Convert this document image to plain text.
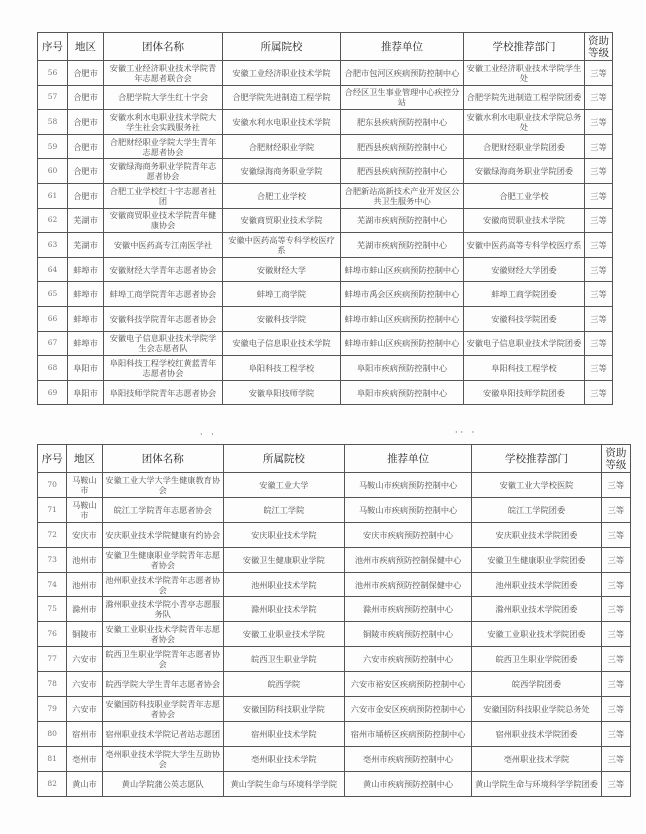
序号	地区	团体名称	所属院校	推荐单位	学校推荐部门	资助等级
56	合肥市	安徽工业经济职业技术学院青年志愿者联合会	安徽工业经济职业技术学院	合肥市包河区疾病预防控制中心	安徽工业经济职业技术学院学生处	三等
57	合肥市	合肥学院大学生红十字会	合肥学院先进制造工程学院	合经区卫生事业管理中心疾控分站	合肥学院先进制造工程学院团委	三等
58	合肥市	安徽水利水电职业技术学院大学生社会实践服务社	安徽水利水电职业技术学院	肥东县疾病预防控制中心	安徽水利水电职业技术学院总务处	三等
59	合肥市	合肥财经职业学院大学生青年志愿者协会	合肥财经职业学院	肥西县疾病预防控制中心	合肥财经职业学院团委	三等
60	合肥市	安徽绿海商务职业学院青年志愿者协会	安徽绿海商务职业学院	肥西县疾病预防控制中心	安徽绿海商务职业学院团委	三等
61	合肥市	合肥工业学校红十字志愿者社团	合肥工业学校	合肥新站高新技术产业开发区公共卫生服务中心	合肥工业学校	三等
62	芜湖市	安徽商贸职业技术学院青年健康协会	安徽商贸职业技术学院	芜湖市疾病预防控制中心	安徽商贸职业技术学院	三等
63	芜湖市	安徽中医药高专江南医学社	安徽中医药高等专科学校医疗系	芜湖市疾病预防控制中心	安徽中医药高等专科学校医疗系	三等
64	蚌埠市	安徽财经大学青年志愿者协会	安徽财经大学	蚌埠市蚌山区疾病预防控制中心	安徽财经大学团委	三等
65	蚌埠市	蚌埠工商学院青年志愿者协会	蚌埠工商学院	蚌埠市禹会区疾病预防控制中心	蚌埠工商学院团委	三等
66	蚌埠市	安徽科技学院青年志愿者协会	安徽科技学院	蚌埠市蚌山区疾病预防控制中心	安徽科技学院团委	三等
67	蚌埠市	安徽电子信息职业技术学院学生会志愿者队	安徽电子信息职业技术学院	蚌埠市蚌山区疾病预防控制中心	安徽电子信息职业技术学院团委	三等
68	阜阳市	阜阳科技工程学校红黄蓝青年志愿者协会	阜阳科技工程学校	阜阳市疾病预防控制中心	阜阳科技工程学校	三等
69	阜阳市	阜阳技师学院青年志愿者协会	安徽阜阳技师学院	阜阳市疾病预防控制中心	安徽阜阳技师学院团委	三等
· ·	·· ·
序号	地区	团体名称	所属院校	推荐单位	学校推荐部门	资助等级
70	马鞍山市	安徽工业大学大学生健康教育协会	安徽工业大学	马鞍山市疾病预防控制中心	安徽工业大学校医院	三等
71	马鞍山市	皖江工学院青年志愿者协会	皖江工学院	马鞍山市疾病预防控制中心	皖江工学院团委	三等
72	安庆市	安庆职业技术学院健康有约协会	安庆职业技术学院	安庆市疾病预防控制中心	安庆职业技术学院团委	三等
73	池州市	安徽卫生健康职业学院青年志愿者协会	安徽卫生健康职业学院	池州市疾病预防控制保健中心	安徽卫生健康职业学院团委	三等
74	池州市	池州职业技术学院青年志愿者协会	池州职业技术学院	池州市疾病预防控制保健中心	池州职业技术学院团委	三等
75	滁州市	滁州职业技术学院小青亭志愿服务队	滁州职业技术学院	滁州市疾病预防控制中心	滁州职业技术学院团委	三等
76	铜陵市	安徽工业职业技术学院青年志愿者协会	安徽工业职业技术学院	铜陵市疾病预防控制中心	安徽工业职业技术学院团委	三等
77	六安市	皖西卫生职业学院青年志愿者协会	皖西卫生职业学院	六安市疾病预防控制中心	皖西卫生职业学院团委	三等
78	六安市	皖西学院大学生青年志愿者协会	皖西学院	六安市裕安区疾病预防控制中心	皖西学院团委	三等
79	六安市	安徽国防科技职业学院青年志愿者协会	安徽国防科技职业学院	六安市金安区疾病预防控制中心	安徽国防科技职业学院总务处	三等
80	宿州市	宿州职业技术学院记者站志愿团	宿州职业技术学院	宿州市埇桥区疾病预防控制中心	宿州职业技术学院团委	三等
81	亳州市	亳州职业技术学院大学生互助协会	亳州职业技术学院	亳州市疾病预防控制中心	亳州职业技术学院	三等
82	黄山市	黄山学院蒲公英志愿队	黄山学院生命与环境科学学院	黄山市疾病预防控制中心	黄山学院生命与环境科学学院团委	三等
